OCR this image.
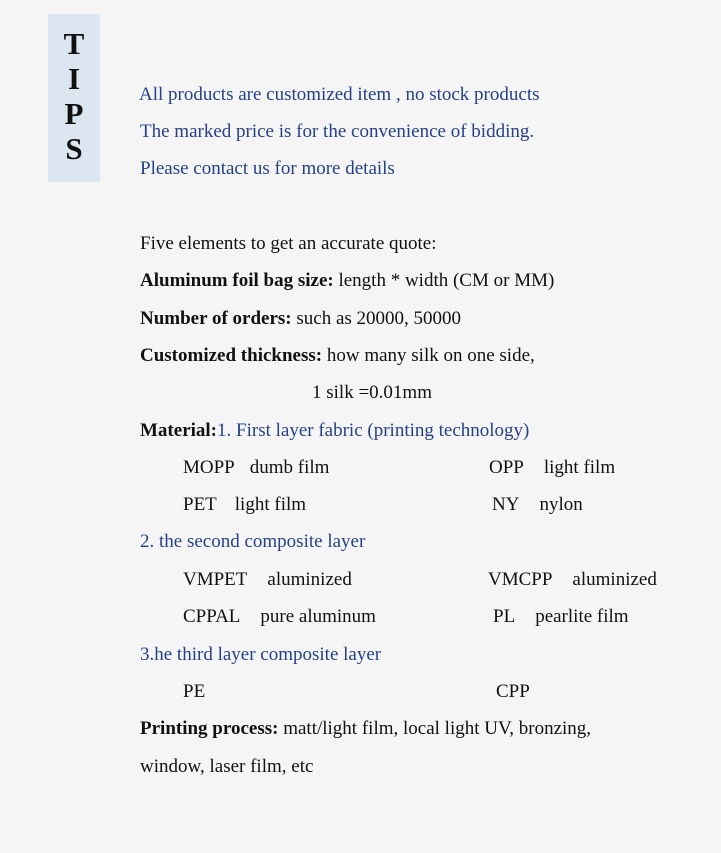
T
I
P
S
All products are customized item , no stock products
The marked price is for the convenience of bidding.
Please contact us for more details
Five elements to get an accurate quote:
Aluminum foil bag size: length * width (CM or MM)
Number of orders: such as 20000, 50000
Customized thickness: how many silk on one side,
1 silk =0.01mm
Material:1. First layer fabric (printing technology)
MOPP dumb film	OPP light film
PET light film	NY nylon
2. the second composite layer
VMPET aluminized	VMCPP aluminized
CPPAL pure aluminum	PL pearlite film
3.he third layer composite layer
PE	CPP
Printing process: matt/light film, local light UV, bronzing,
window, laser film, etc
